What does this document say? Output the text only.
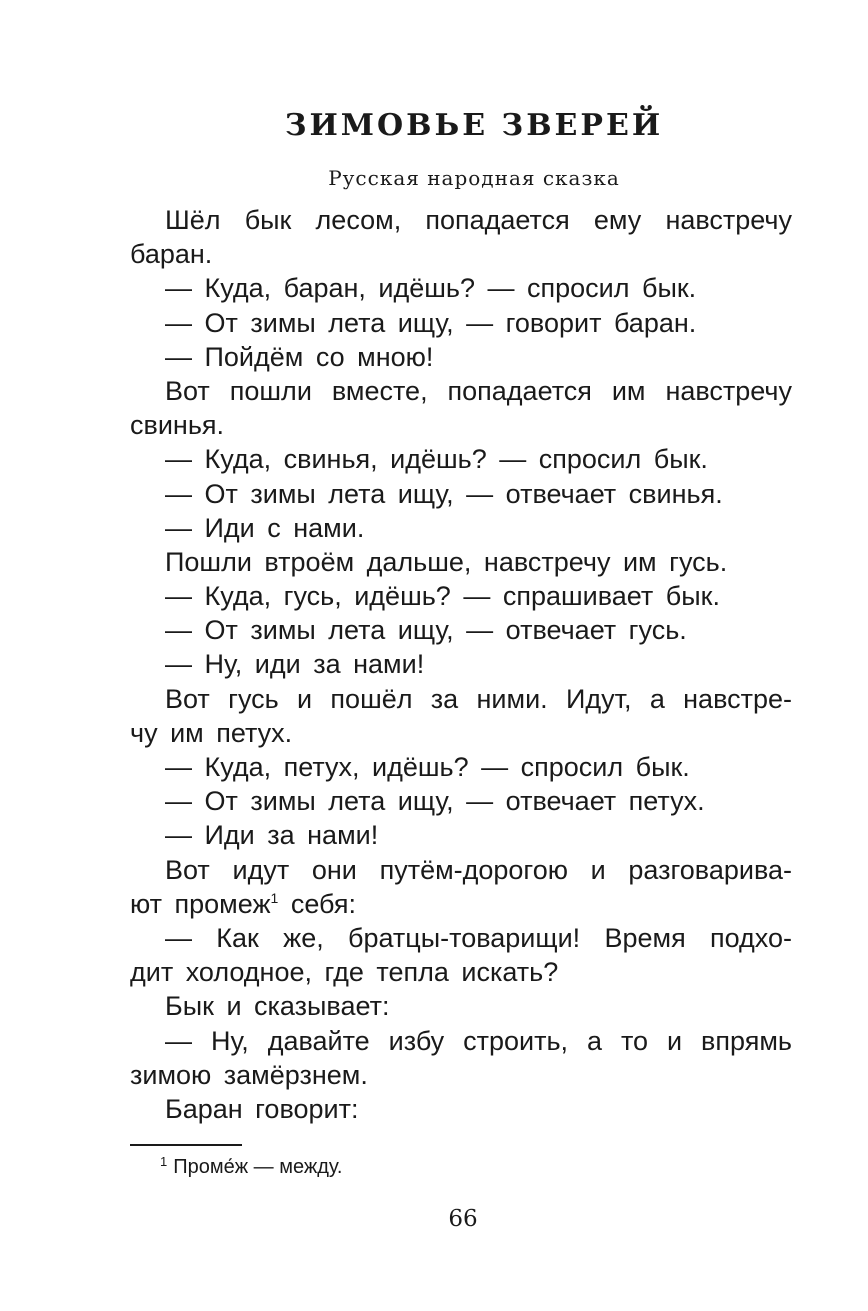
ЗИМОВЬЕ ЗВЕРЕЙ
Русская народная сказка
Шёл бык лесом, попадается ему навстречу
баран.
— Куда, баран, идёшь? — спросил бык.
— От зимы лета ищу, — говорит баран.
— Пойдём со мною!
Вот пошли вместе, попадается им навстречу
свинья.
— Куда, свинья, идёшь? — спросил бык.
— От зимы лета ищу, — отвечает свинья.
— Иди с нами.
Пошли втроём дальше, навстречу им гусь.
— Куда, гусь, идёшь? — спрашивает бык.
— От зимы лета ищу, — отвечает гусь.
— Ну, иди за нами!
Вот гусь и пошёл за ними. Идут, а навстре-
чу им петух.
— Куда, петух, идёшь? — спросил бык.
— От зимы лета ищу, — отвечает петух.
— Иди за нами!
Вот идут они путём-дорогою и разговарива-
ют промеж$^1$ себя:
— Как же, братцы-товарищи! Время подхо-
дит холодное, где тепла искать?
Бык и сказывает:
— Ну, давайте избу строить, а то и впрямь
зимою замёрзнем.
Баран говорит:
$^1$ Проме́ж — между.
66
